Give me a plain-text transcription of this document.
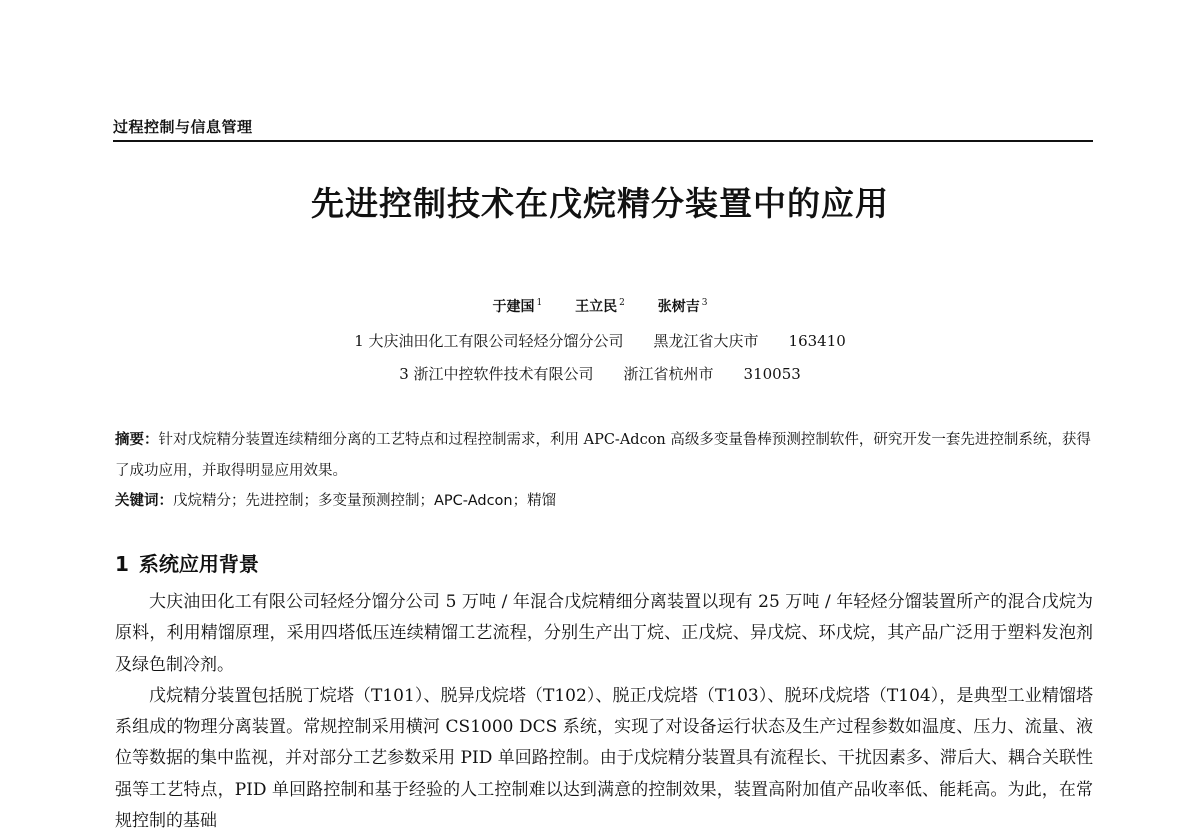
过程控制与信息管理
先进控制技术在戊烷精分装置中的应用
于建国 $^1$ 王立民 $^2$ 张树吉 $^3$
1 大庆油田化工有限公司轻烃分馏分公司 黑龙江省大庆市 163410
3 浙江中控软件技术有限公司 浙江省杭州市 310053
摘要：针对戊烷精分装置连续精细分离的工艺特点和过程控制需求，利用 APC-Adcon 高级多变量鲁棒预测控制软件，研究开发一套先进控制系统，获得了成功应用，并取得明显应用效果。
关键词：戊烷精分；先进控制；多变量预测控制；APC-Adcon；精馏
1 系统应用背景

大庆油田化工有限公司轻烃分馏分公司 5 万吨 / 年混合戊烷精细分离装置以现有 25 万吨 / 年轻烃分馏装置所产的混合戊烷为原料，利用精馏原理，采用四塔低压连续精馏工艺流程，分别生产出丁烷、正戊烷、异戊烷、环戊烷，其产品广泛用于塑料发泡剂及绿色制冷剂。

戊烷精分装置包括脱丁烷塔（T101）、脱异戊烷塔（T102）、脱正戊烷塔（T103）、脱环戊烷塔（T104），是典型工业精馏塔系组成的物理分离装置。常规控制采用横河 CS1000 DCS 系统，实现了对设备运行状态及生产过程参数如温度、压力、流量、液位等数据的集中监视，并对部分工艺参数采用 PID 单回路控制。由于戊烷精分装置具有流程长、干扰因素多、滞后大、耦合关联性强等工艺特点，PID 单回路控制和基于经验的人工控制难以达到满意的控制效果，装置高附加值产品收率低、能耗高。为此，在常规控制的基础
